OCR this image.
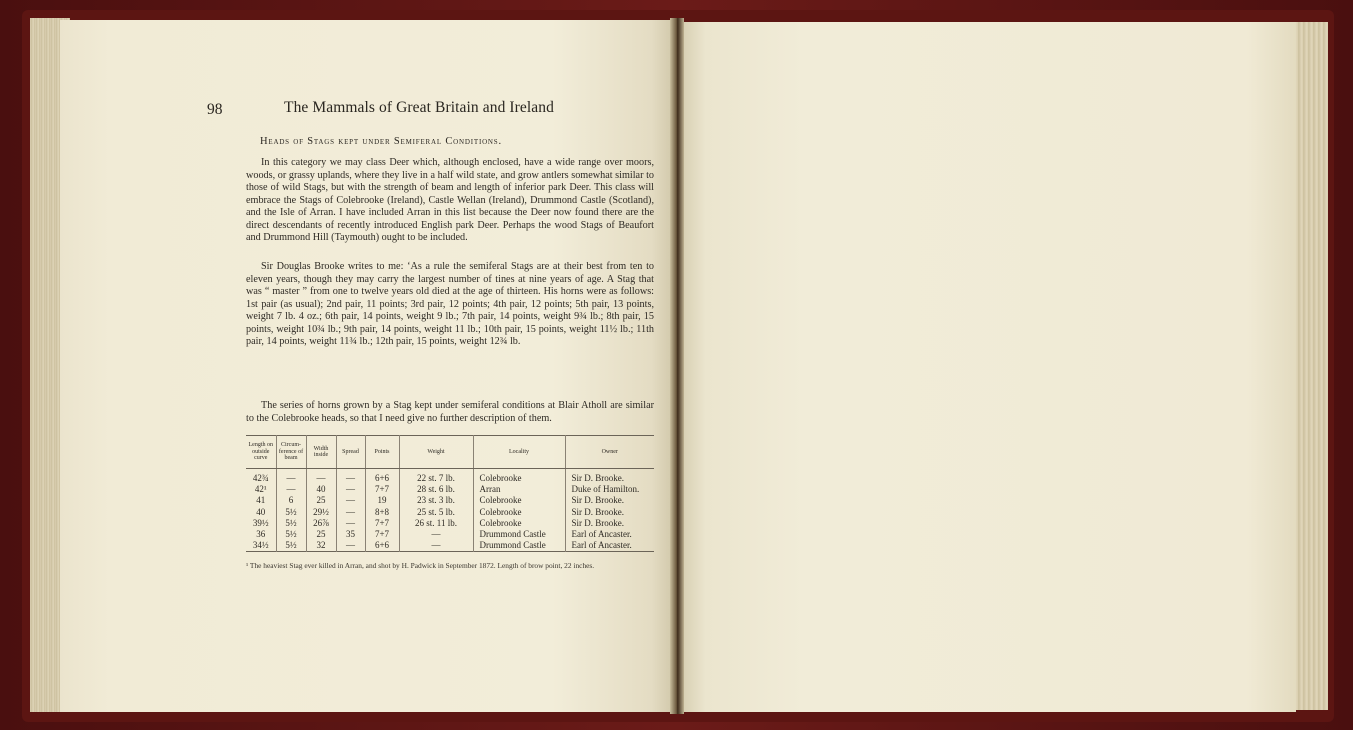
98	The Mammals of Great Britain and Ireland
Heads of Stags kept under Semiferal Conditions.

In this category we may class Deer which, although enclosed, have a wide range over moors, woods, or grassy uplands, where they live in a half wild state, and grow antlers somewhat similar to those of wild Stags, but with the strength of beam and length of inferior park Deer. This class will embrace the Stags of Colebrooke (Ireland), Castle Wellan (Ireland), Drummond Castle (Scotland), and the Isle of Arran. I have included Arran in this list because the Deer now found there are the direct descendants of recently introduced English park Deer. Perhaps the wood Stags of Beaufort and Drummond Hill (Taymouth) ought to be included.

Sir Douglas Brooke writes to me: ‘As a rule the semiferal Stags are at their best from ten to eleven years, though they may carry the largest number of tines at nine years of age. A Stag that was “ master ” from one to twelve years old died at the age of thirteen. His horns were as follows: 1st pair (as usual); 2nd pair, 11 points; 3rd pair, 12 points; 4th pair, 12 points; 5th pair, 13 points, weight 7 lb. 4 oz.; 6th pair, 14 points, weight 9 lb.; 7th pair, 14 points, weight 9¾ lb.; 8th pair, 15 points, weight 10¾ lb.; 9th pair, 14 points, weight 11 lb.; 10th pair, 15 points, weight 11½ lb.; 11th pair, 14 points, weight 11¾ lb.; 12th pair, 15 points, weight 12¾ lb.

The series of horns grown by a Stag kept under semiferal conditions at Blair Atholl are similar to the Colebrooke heads, so that I need give no further description of them.

Length on outside curve	Circum-ference of beam	Width inside	Spread	Points	Weight	Locality	Owner
42¾	—	—	—	6+6	22 st. 7 lb.	Colebrooke	Sir D. Brooke.
42¹	—	40	—	7+7	28 st. 6 lb.	Arran	Duke of Hamilton.
41	6	25	—	19	23 st. 3 lb.	Colebrooke	Sir D. Brooke.
40	5½	29½	—	8+8	25 st. 5 lb.	Colebrooke	Sir D. Brooke.
39½	5½	26⅞	—	7+7	26 st. 11 lb.	Colebrooke	Sir D. Brooke.
36	5½	25	35	7+7	—	Drummond Castle	Earl of Ancaster.
34½	5½	32	—	6+6	—	Drummond Castle	Earl of Ancaster.
¹ The heaviest Stag ever killed in Arran, and shot by H. Padwick in September 1872. Length of brow point, 22 inches.
